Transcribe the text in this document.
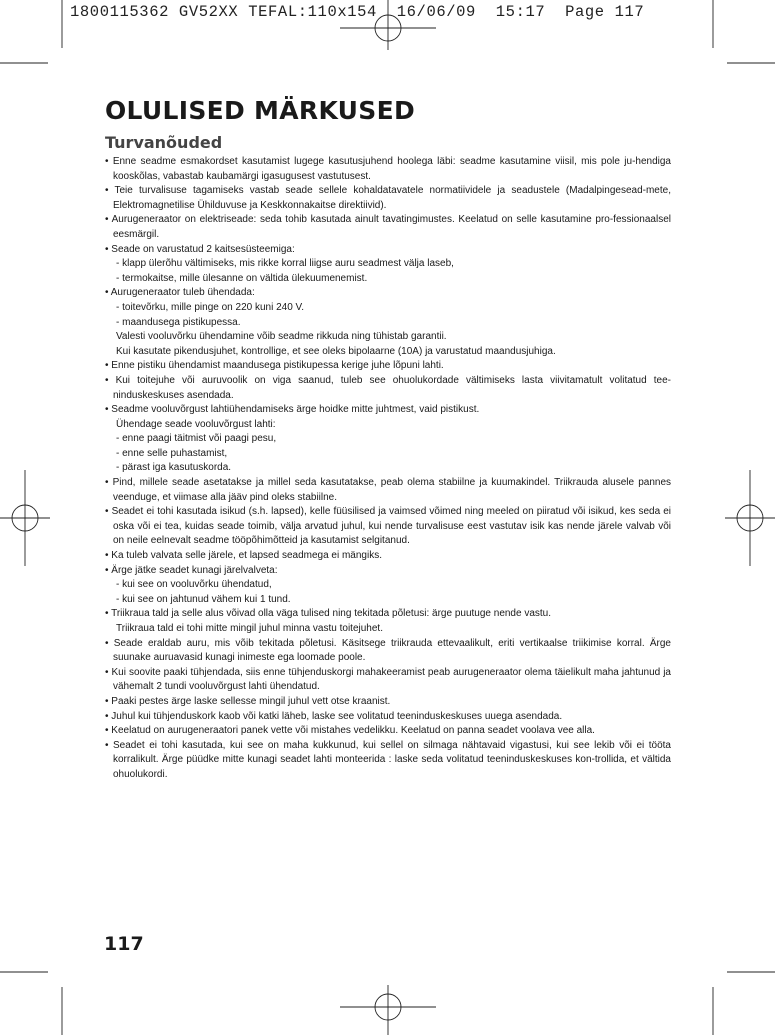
1800115362 GV52XX TEFAL:110x154  16/06/09  15:17  Page 117
OLULISED MÄRKUSED
Turvanõuded

• Enne seadme esmakordset kasutamist lugege kasutusjuhend hoolega läbi: seadme kasutamine viisil, mis pole ju-hendiga kooskõlas, vabastab kaubamärgi igasugusest vastutusest.

• Teie turvalisuse tagamiseks vastab seade sellele kohaldatavatele normatiividele ja seadustele (Madalpingesead-mete, Elektromagnetilise Ühilduvuse ja Keskkonnakaitse direktiivid).

• Aurugeneraator on elektriseade: seda tohib kasutada ainult tavatingimustes. Keelatud on selle kasutamine pro-fessionaalsel eesmärgil.

• Seade on varustatud 2 kaitsesüsteemiga:

- klapp ülerõhu vältimiseks, mis rikke korral liigse auru seadmest välja laseb,

- termokaitse, mille ülesanne on vältida ülekuumenemist.

• Aurugeneraator tuleb ühendada:

- toitevõrku, mille pinge on 220 kuni 240 V.

- maandusega pistikupessa.

Valesti vooluvõrku ühendamine võib seadme rikkuda ning tühistab garantii.

Kui kasutate pikendusjuhet, kontrollige, et see oleks bipolaarne (10A) ja varustatud maandusjuhiga.

• Enne pistiku ühendamist maandusega pistikupessa kerige juhe lõpuni lahti.

• Kui toitejuhe või auruvoolik on viga saanud, tuleb see ohuolukordade vältimiseks lasta viivitamatult volitatud tee-ninduskeskuses asendada.

• Seadme vooluvõrgust lahtiühendamiseks ärge hoidke mitte juhtmest, vaid pistikust.

Ühendage seade vooluvõrgust lahti:

- enne paagi täitmist või paagi pesu,

- enne selle puhastamist,

- pärast iga kasutuskorda.

• Pind, millele seade asetatakse ja millel seda kasutatakse, peab olema stabiilne ja kuumakindel. Triikrauda alusele pannes veenduge, et viimase alla jääv pind oleks stabiilne.

• Seadet ei tohi kasutada isikud (s.h. lapsed), kelle füüsilised ja vaimsed võimed ning meeled on piiratud või isikud, kes seda ei oska või ei tea, kuidas seade toimib, välja arvatud juhul, kui nende turvalisuse eest vastutav isik kas nende järele valvab või on neile eelnevalt seadme tööpõhimõtteid ja kasutamist selgitanud.

• Ka tuleb valvata selle järele, et lapsed seadmega ei mängiks.

• Ärge jätke seadet kunagi järelvalveta:

- kui see on vooluvõrku ühendatud,

- kui see on jahtunud vähem kui 1 tund.

• Triikraua tald ja selle alus võivad olla väga tulised ning tekitada põletusi: ärge puutuge nende vastu.

Triikraua tald ei tohi mitte mingil juhul minna vastu toitejuhet.

• Seade eraldab auru, mis võib tekitada põletusi. Käsitsege triikrauda ettevaalikult, eriti vertikaalse triikimise korral. Ärge suunake auruavasid kunagi inimeste ega loomade poole.

• Kui soovite paaki tühjendada, siis enne tühjenduskorgi mahakeeramist peab aurugeneraator olema täielikult maha jahtunud ja vähemalt 2 tundi vooluvõrgust lahti ühendatud.

• Paaki pestes ärge laske sellesse mingil juhul vett otse kraanist.

• Juhul kui tühjenduskork kaob või katki läheb, laske see volitatud teeninduskeskuses uuega asendada.

• Keelatud on aurugeneraatori panek vette või mistahes vedelikku. Keelatud on panna seadet voolava vee alla.

• Seadet ei tohi kasutada, kui see on maha kukkunud, kui sellel on silmaga nähtavaid vigastusi, kui see lekib või ei tööta korralikult. Ärge püüdke mitte kunagi seadet lahti monteerida : laske seda volitatud teeninduskeskuses kon-trollida, et vältida ohuolukordi.

117
